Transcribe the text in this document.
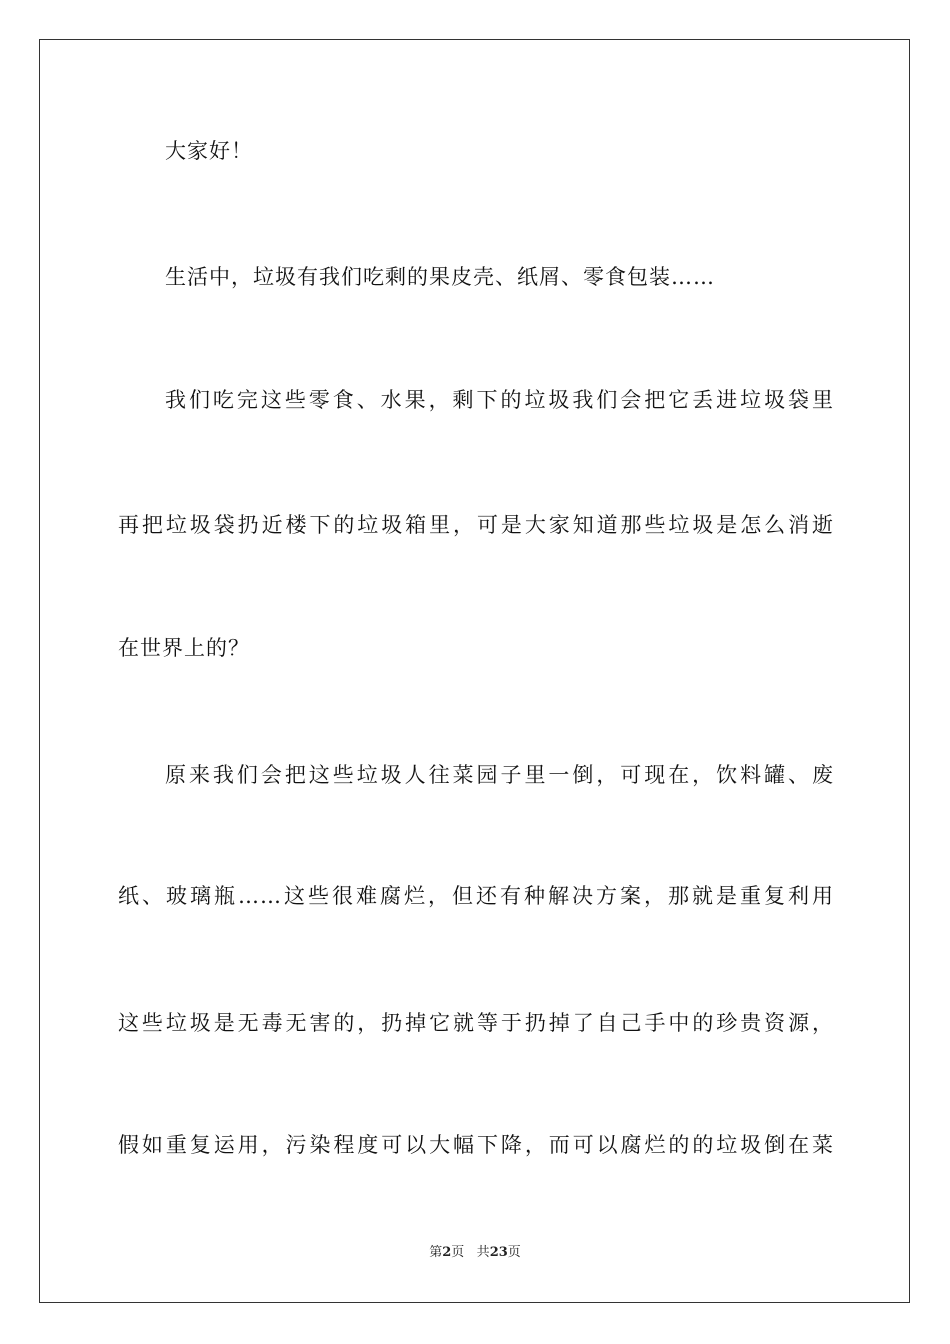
大家好！
生活中，垃圾有我们吃剩的果皮壳、纸屑、零食包装……
我们吃完这些零食、水果，剩下的垃圾我们会把它丢进垃圾袋里
再把垃圾袋扔近楼下的垃圾箱里，可是大家知道那些垃圾是怎么消逝
在世界上的？
原来我们会把这些垃圾人往菜园子里一倒，可现在，饮料罐、废
纸、玻璃瓶……这些很难腐烂，但还有种解决方案，那就是重复利用
这些垃圾是无毒无害的，扔掉它就等于扔掉了自己手中的珍贵资源，
假如重复运用，污染程度可以大幅下降，而可以腐烂的的垃圾倒在菜
第2页 共23页
